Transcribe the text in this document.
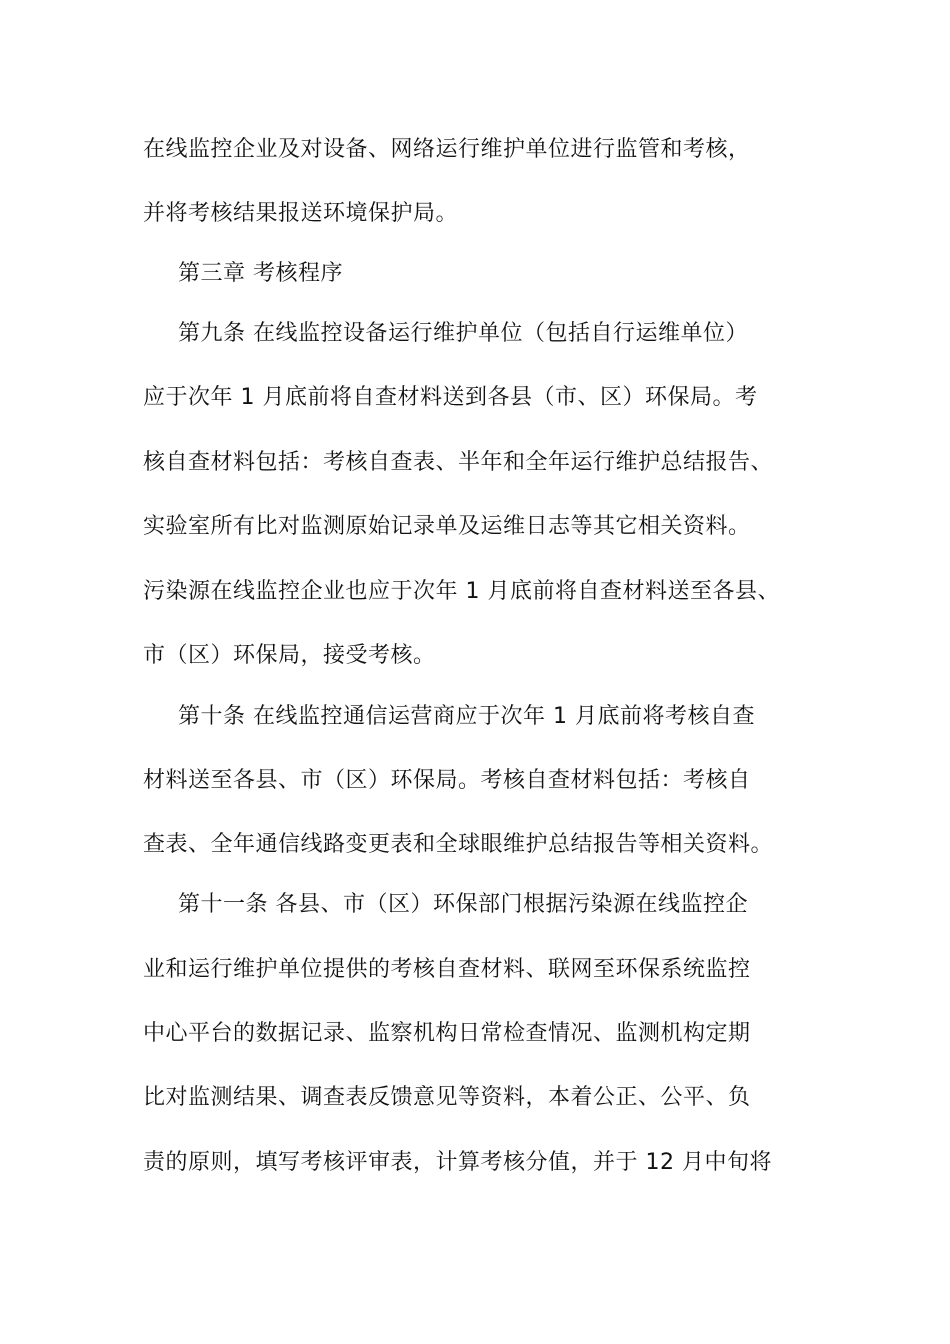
在线监控企业及对设备、网络运行维护单位进行监管和考核，

并将考核结果报送环境保护局。

第三章 考核程序

第九条 在线监控设备运行维护单位（包括自行运维单位）

应于次年 1 月底前将自查材料送到各县（市、区）环保局。考

核自查材料包括：考核自查表、半年和全年运行维护总结报告、

实验室所有比对监测原始记录单及运维日志等其它相关资料。

污染源在线监控企业也应于次年 1 月底前将自查材料送至各县、

市（区）环保局，接受考核。

第十条 在线监控通信运营商应于次年 1 月底前将考核自查

材料送至各县、市（区）环保局。考核自查材料包括：考核自

查表、全年通信线路变更表和全球眼维护总结报告等相关资料。

第十一条 各县、市（区）环保部门根据污染源在线监控企

业和运行维护单位提供的考核自查材料、联网至环保系统监控

中心平台的数据记录、监察机构日常检查情况、监测机构定期

比对监测结果、调查表反馈意见等资料，本着公正、公平、负

责的原则，填写考核评审表，计算考核分值，并于 12 月中旬将
